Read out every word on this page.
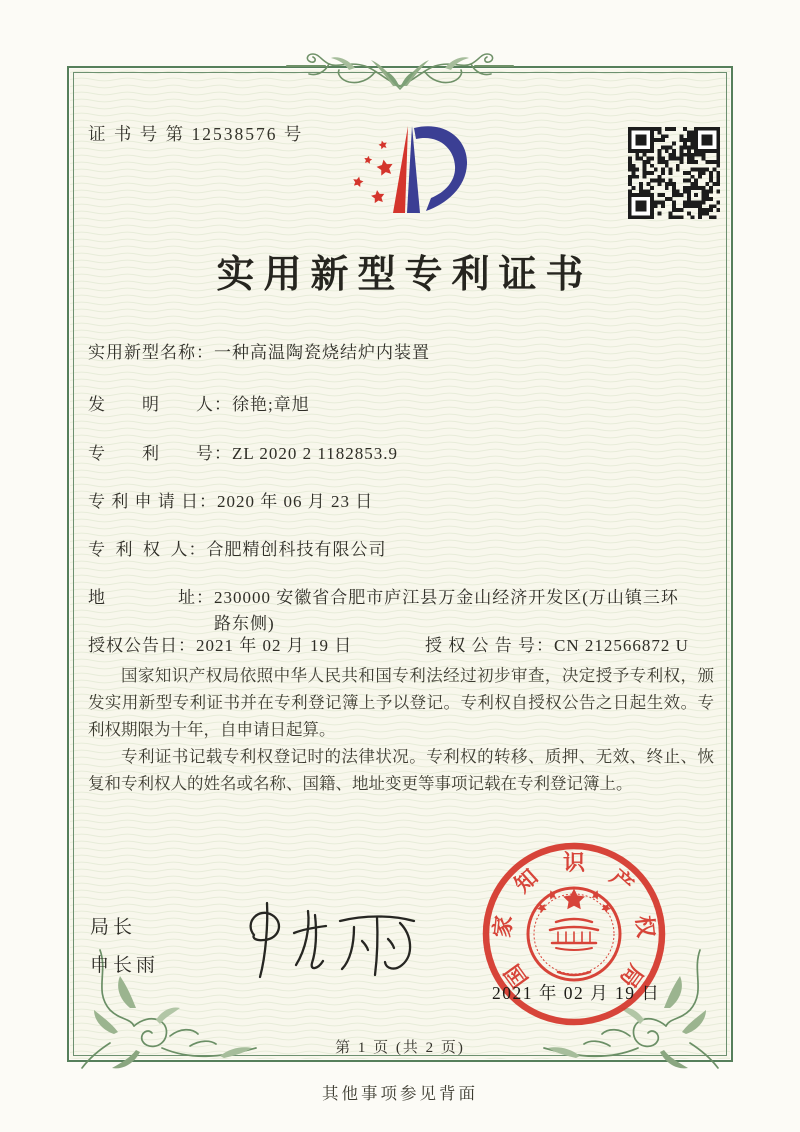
证 书 号 第 12538576 号
实用新型专利证书
实用新型名称： 一种高温陶瓷烧结炉内装置
发　　明　　人： 徐艳;章旭
专　　利　　号： ZL 2020 2 1182853.9
专 利 申 请 日： 2020 年 06 月 23 日
专 利 权 人： 合肥精创科技有限公司
地　　　　址： 230000 安徽省合肥市庐江县万金山经济开发区(万山镇三环路东侧)
授权公告日：2021 年 02 月 19 日	授 权 公 告 号：CN 212566872 U

国家知识产权局依照中华人民共和国专利法经过初步审查，决定授予专利权，颁发实用新型专利证书并在专利登记簿上予以登记。专利权自授权公告之日起生效。专利权期限为十年，自申请日起算。

专利证书记载专利权登记时的法律状况。专利权的转移、质押、无效、终止、恢复和专利权人的姓名或名称、国籍、地址变更等事项记载在专利登记簿上。

局长
申长雨	国
家
知
识
产
权
局
2021 年 02 月 19 日
第 1 页 (共 2 页)
其他事项参见背面
